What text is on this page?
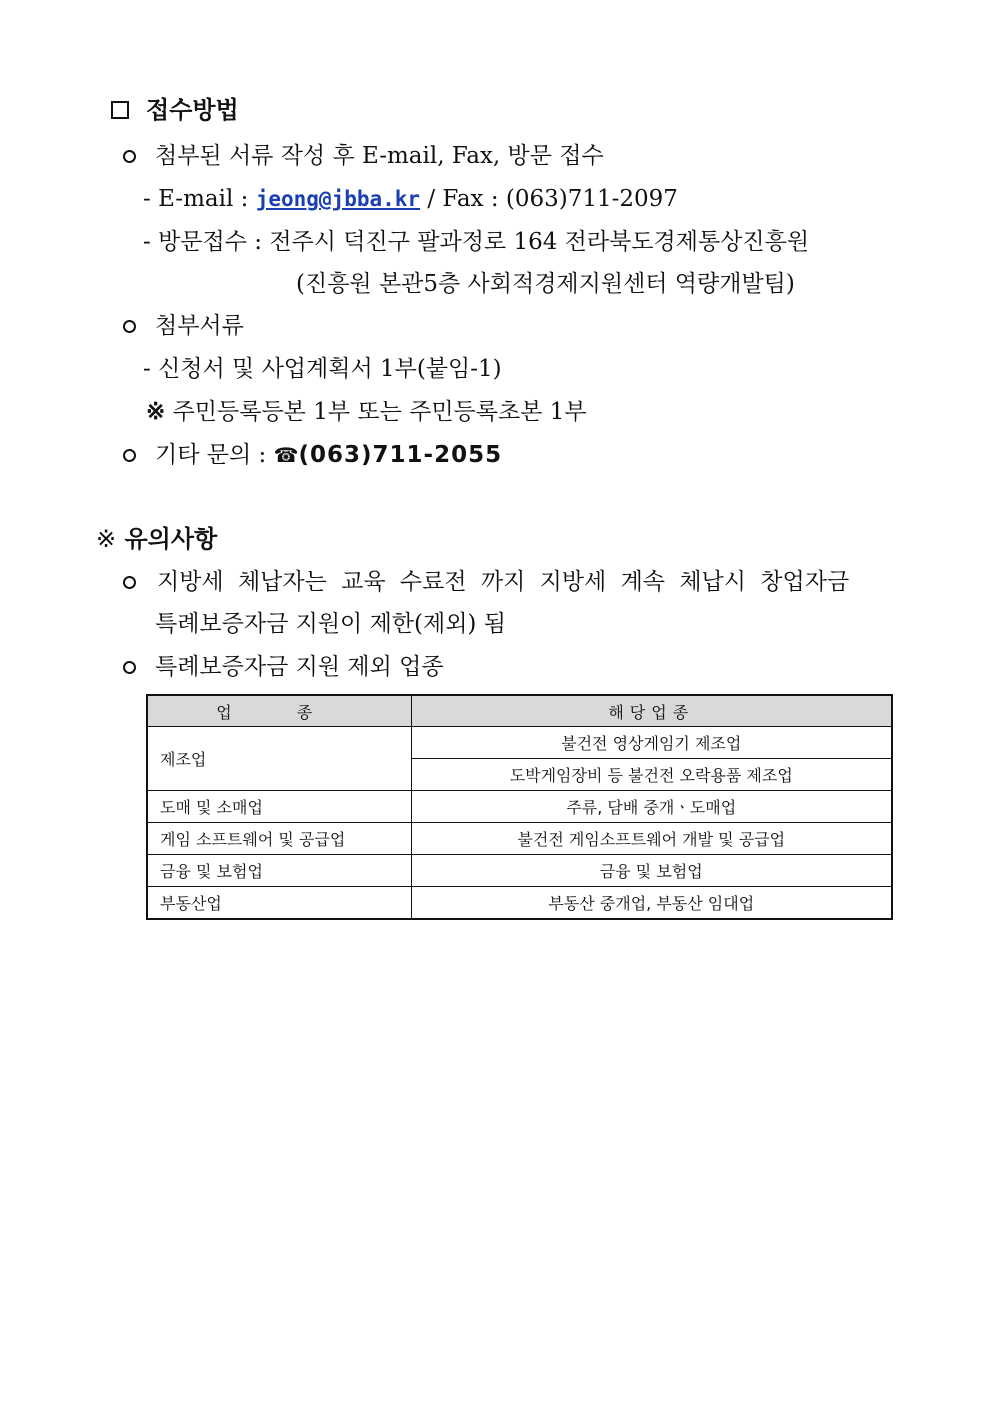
접수방법
첨부된 서류 작성 후 E-mail, Fax, 방문 접수
- E-mail : jeong@jbba.kr / Fax : (063)711-2097
- 방문접수 : 전주시 덕진구 팔과정로 164 전라북도경제통상진흥원
(진흥원 본관5층 사회적경제지원센터 역량개발팀)
첨부서류
- 신청서 및 사업계획서 1부(붙임-1)
※ 주민등록등본 1부 또는 주민등록초본 1부
기타 문의 : ☎(063)711-2055
※ 유의사항
지방세 체납자는 교육 수료전 까지 지방세 계속 체납시 창업자금
특례보증자금 지원이 제한(제외) 됨
특례보증자금 지원 제외 업종
업 종	해당업종
제조업	불건전 영상게임기 제조업
	도박게임장비 등 불건전 오락용품 제조업
도매 및 소매업	주류, 담배 중개ㆍ도매업
게임 소프트웨어 및 공급업	불건전 게임소프트웨어 개발 및 공급업
금융 및 보험업	금융 및 보험업
부동산업	부동산 중개업, 부동산 임대업
